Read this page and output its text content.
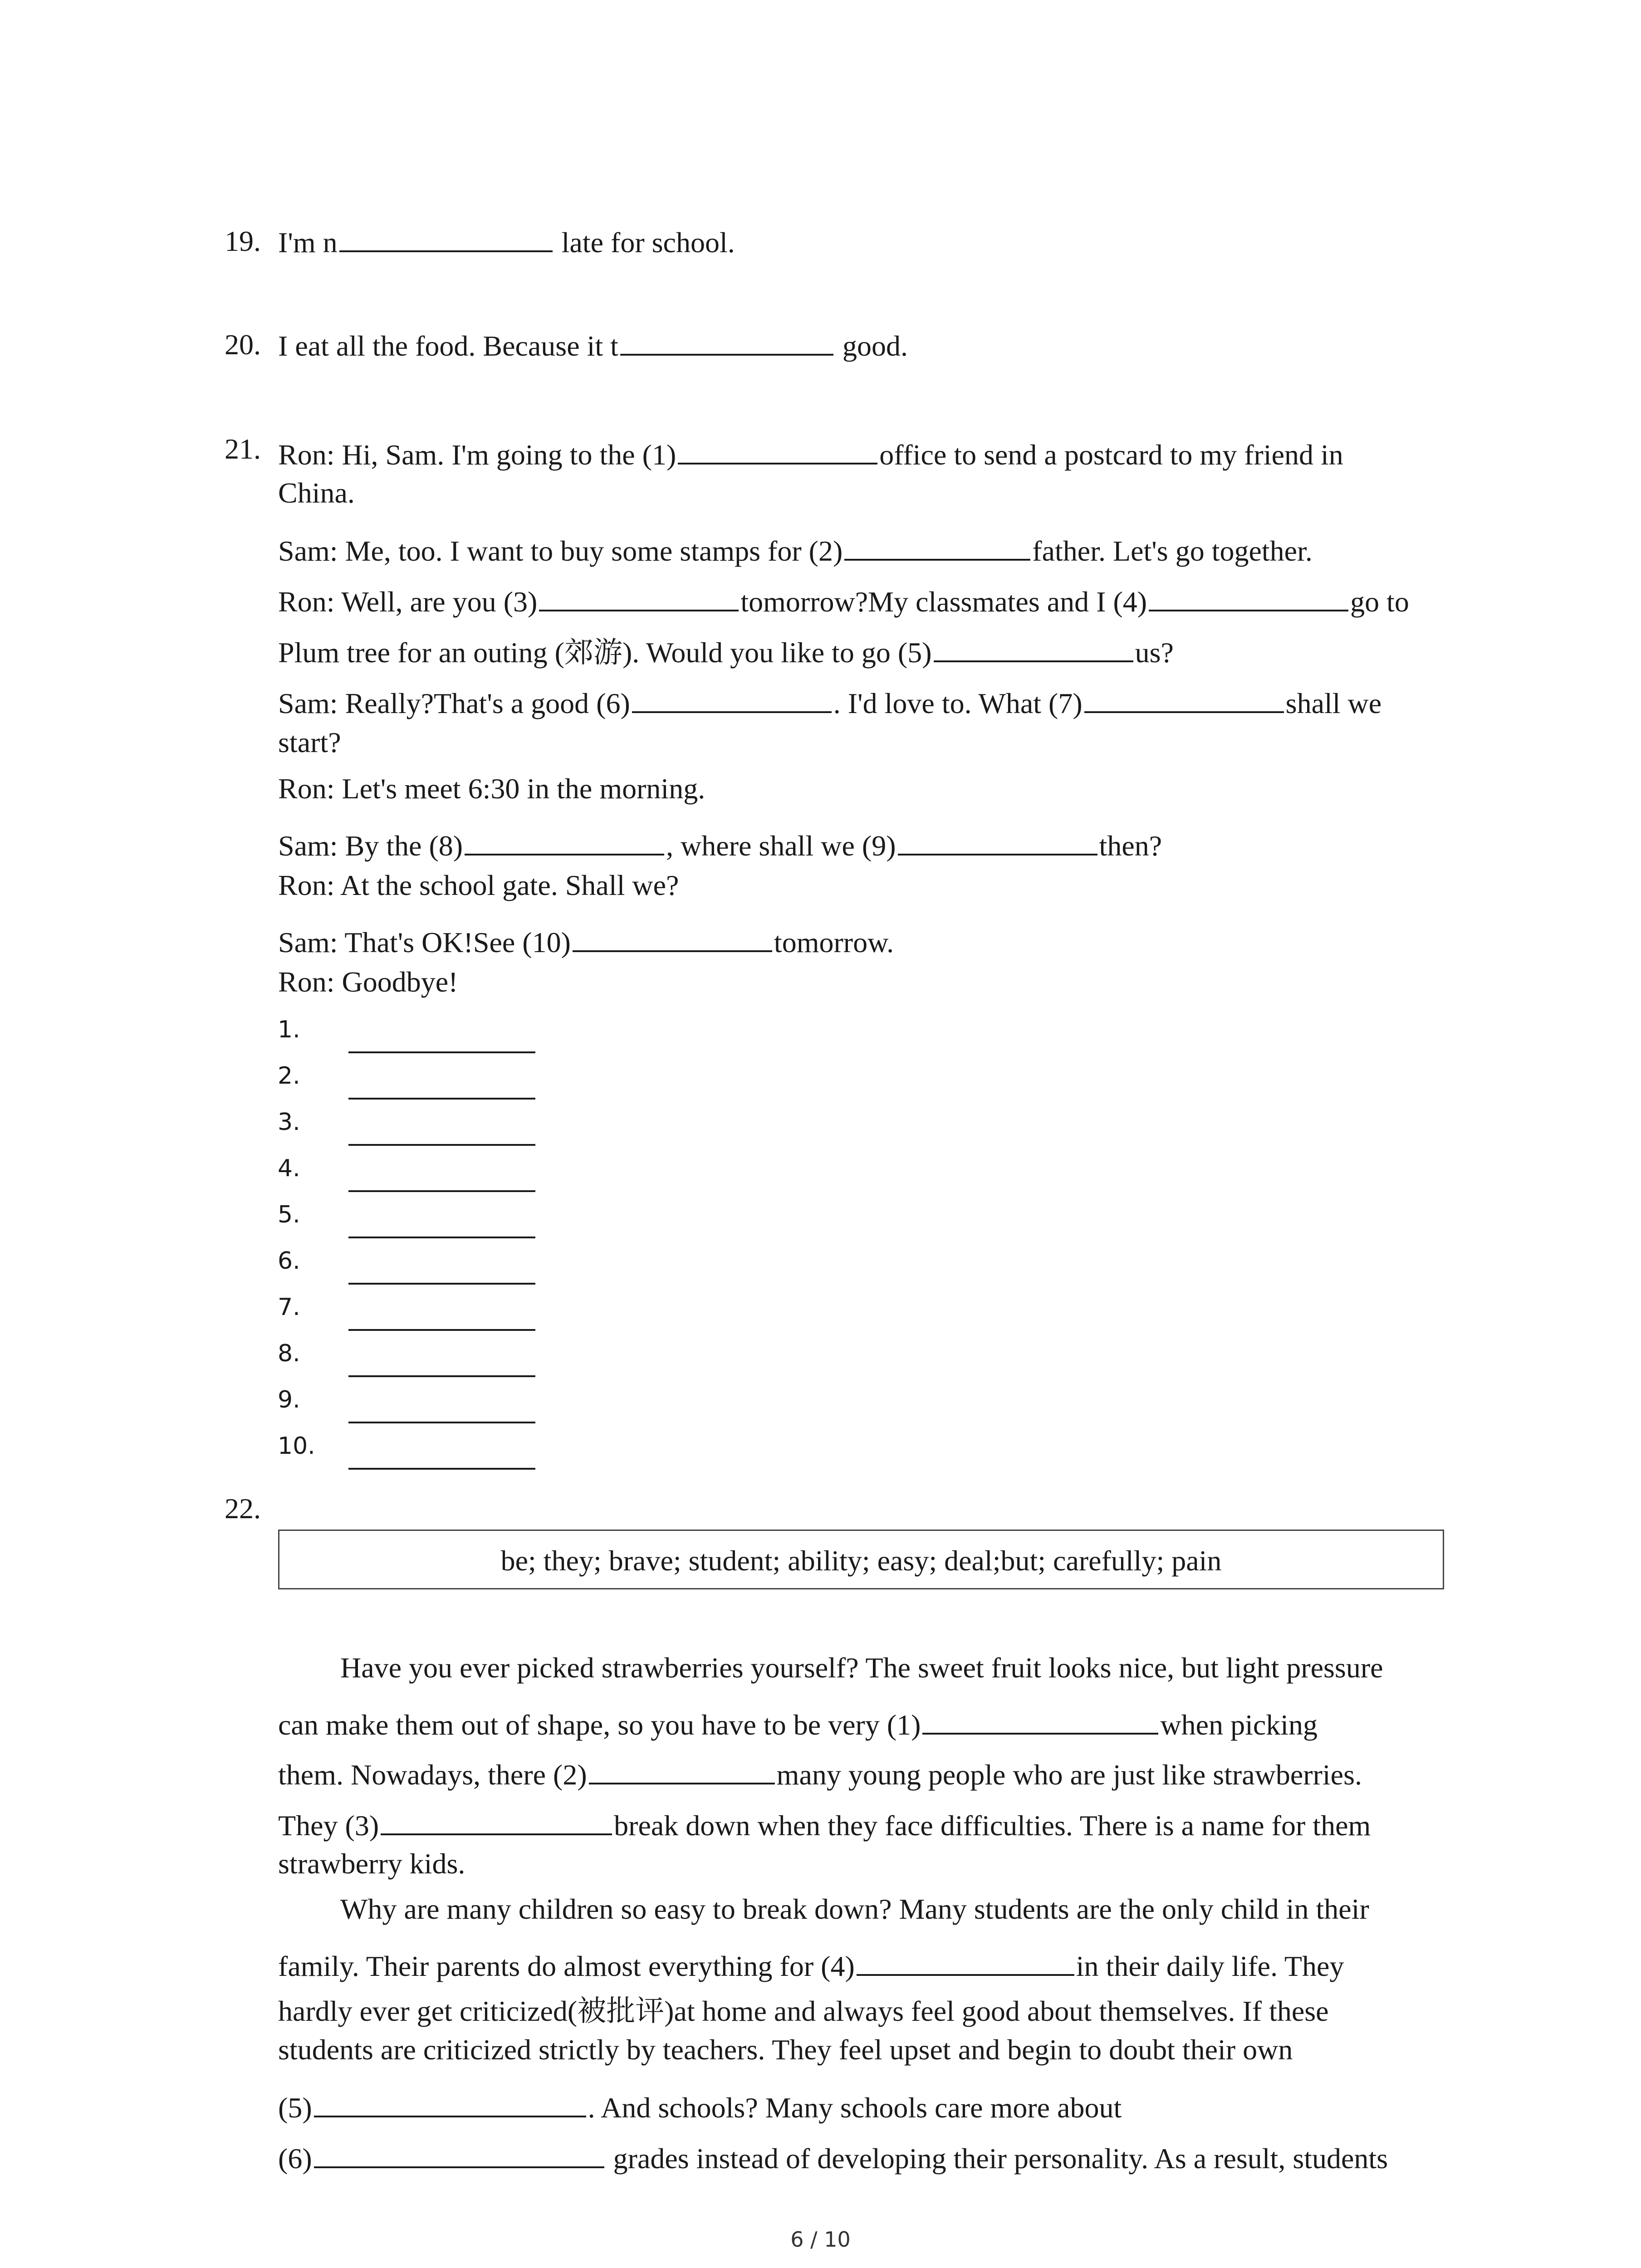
19. I'm n	late for school.
20. I eat all the food. Because it t	good.
21. Ron: Hi, Sam. I'm going to the (1)	office to send a postcard to my friend in
China.
Sam: Me, too. I want to buy some stamps for (2)	father. Let's go together.
Ron: Well, are you (3)	tomorrow?My classmates and I (4)	go to
Plum tree for an outing (郊游). Would you like to go (5)	us?
Sam: Really?That's a good (6)	. I'd love to. What (7)	shall we
start?
Ron: Let's meet 6:30 in the morning.
Sam: By the (8)	, where shall we (9)	then?
Ron: At the school gate. Shall we?
Sam: That's OK!See (10)	tomorrow.
Ron: Goodbye!
1.
2.
3.
4.
5.
6.
7.
8.
9.
10.
22.
be; they; brave; student; ability; easy; deal;but; carefully; pain
Have you ever picked strawberries yourself? The sweet fruit looks nice, but light pressure
can make them out of shape, so you have to be very (1)	when picking
them. Nowadays, there (2)	many young people who are just like strawberries.
They (3)	break down when they face difficulties. There is a name for them
strawberry kids.
Why are many children so easy to break down? Many students are the only child in their
family. Their parents do almost everything for (4)	in their daily life. They
hardly ever get criticized(被批评)at home and always feel good about themselves. If these
students are criticized strictly by teachers. They feel upset and begin to doubt their own
(5)	. And schools? Many schools care more about
(6)	grades instead of developing their personality. As a result, students
6 / 10
